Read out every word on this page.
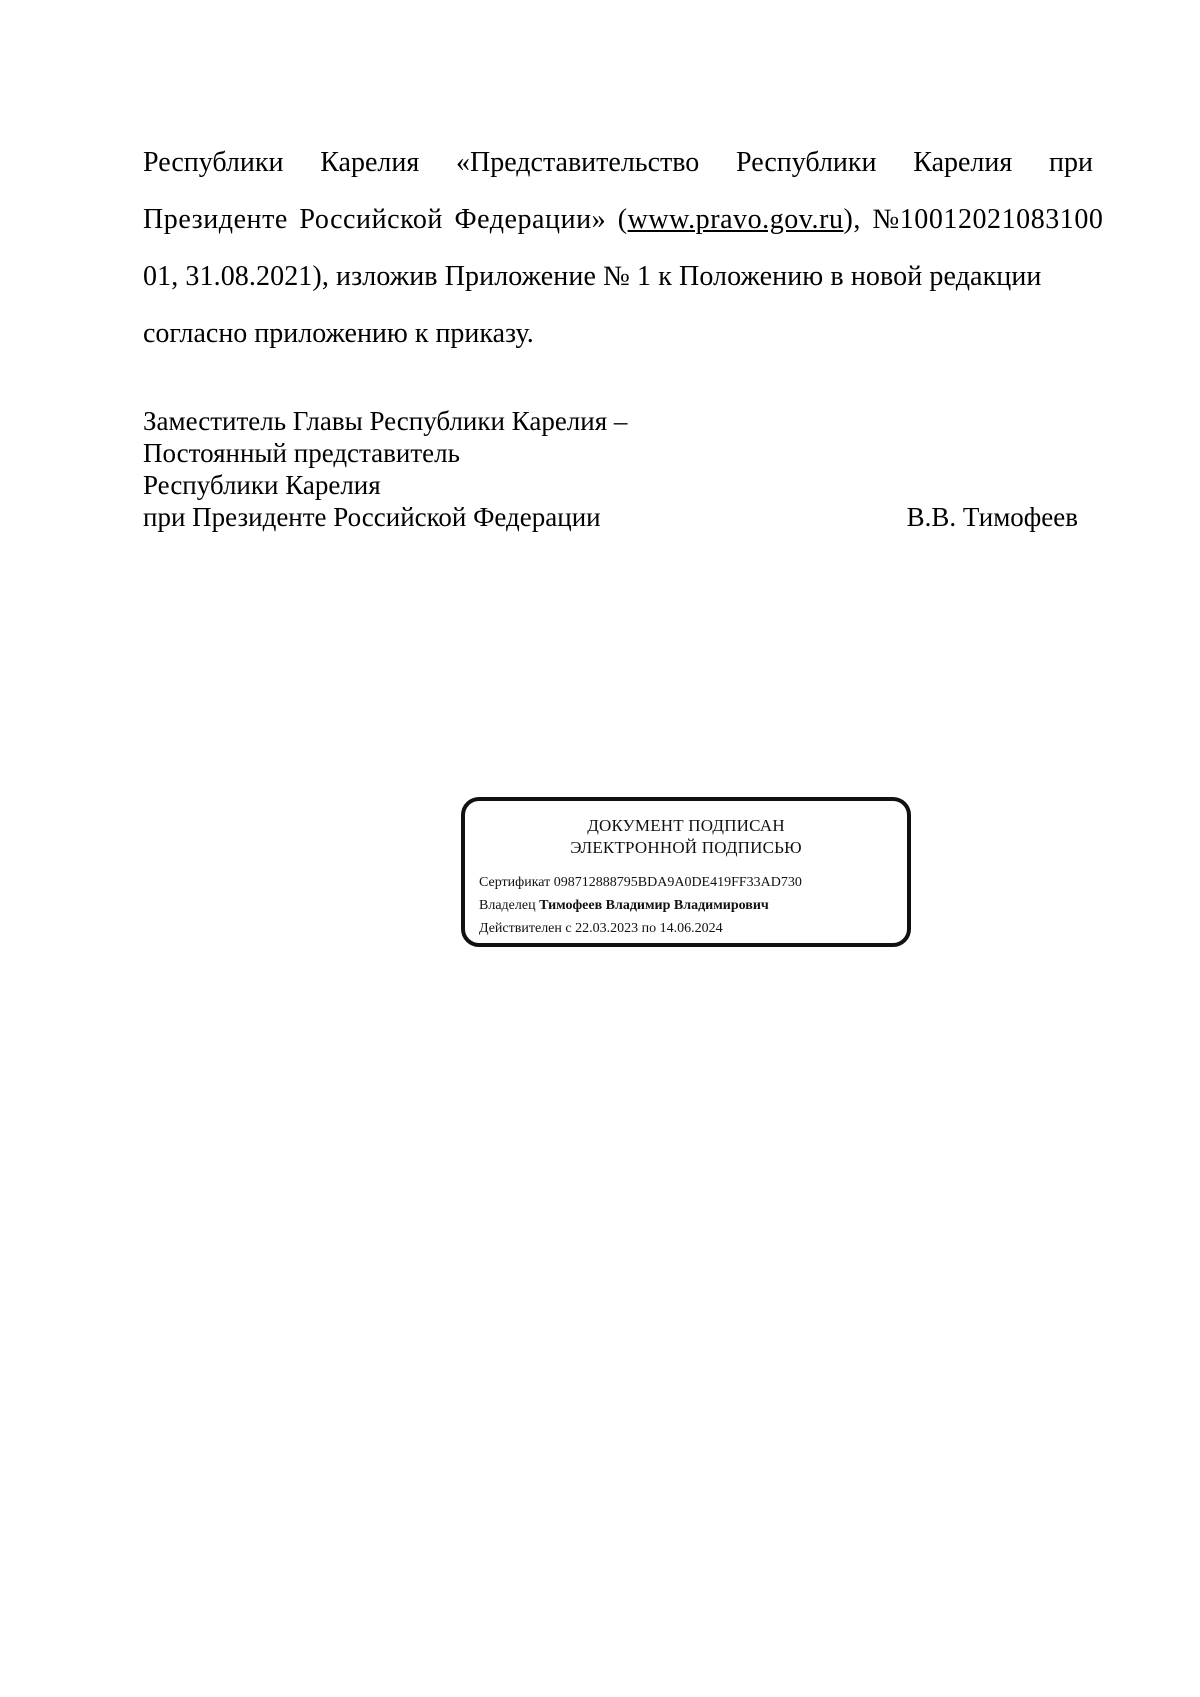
Республики Карелия «Представительство Республики Карелия при
Президенте Российской Федерации» (www.pravo.gov.ru), №10012021083100
01, 31.08.2021), изложив Приложение № 1 к Положению в новой редакции
согласно приложению к приказу.
Заместитель Главы Республики Карелия –
Постоянный представитель
Республики Карелия
при Президенте Российской Федерации	В.В. Тимофеев
ДОКУМЕНТ ПОДПИСАН
ЭЛЕКТРОННОЙ ПОДПИСЬЮ
Сертификат 098712888795BDA9A0DE419FF33AD730
Владелец Тимофеев Владимир Владимирович
Действителен с 22.03.2023 по 14.06.2024
